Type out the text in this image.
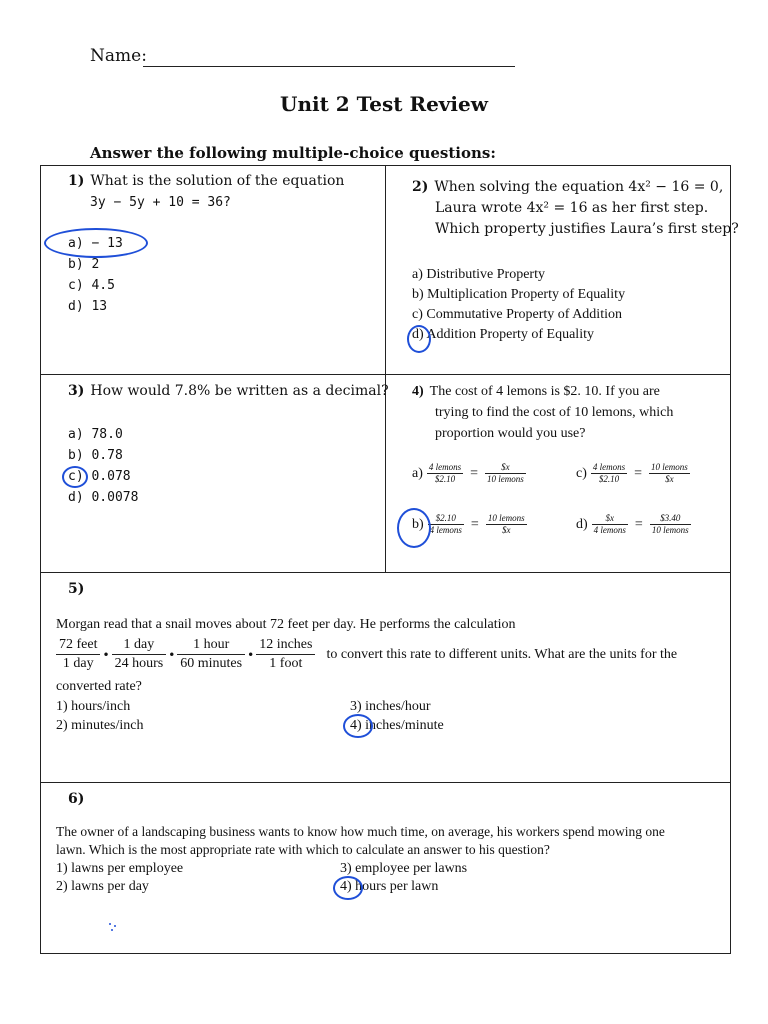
Name:
Unit 2 Test Review
Answer the following multiple-choice questions:
1) What is the solution of the equation
3y − 5y + 10 = 36?
a) − 13
b) 2
c) 4.5
d) 13
2) When solving the equation 4x² − 16 = 0,
Laura wrote 4x² = 16 as her first step.
Which property justifies Laura’s first step?
a) Distributive Property
b) Multiplication Property of Equality
c) Commutative Property of Addition
d) Addition Property of Equality
3) How would 7.8% be written as a decimal?
a) 78.0
b) 0.78
c) 0.078
d) 0.0078
4) The cost of 4 lemons is $2. 10. If you are
trying to find the cost of 10 lemons, which
proportion would you use?
$a) \frac{\text{4 lemons}}{\$2.10} = \frac{\$x}{\text{10 lemons}}$	$c) \frac{\text{4 lemons}}{\$2.10} = \frac{\text{10 lemons}}{\$x}$
$b) \frac{\$2.10}{\text{4 lemons}} = \frac{\text{10 lemons}}{\$x}$	$d) \frac{\$x}{\text{4 lemons}} = \frac{\$3.40}{\text{10 lemons}}$
5)
Morgan read that a snail moves about 72 feet per day. He performs the calculation
72 feet
1 day
•
1 day
24 hours
•
1 hour
60 minutes
•
12 inches
1 foot
to convert this rate to different units. What are the units for the
converted rate?
1) hours/inch
2) minutes/inch
3) inches/hour
4) inches/minute
6)
The owner of a landscaping business wants to know how much time, on average, his workers spend mowing one
lawn. Which is the most appropriate rate with which to calculate an answer to his question?
1) lawns per employee
2) lawns per day
3) employee per lawns
4) hours per lawn
